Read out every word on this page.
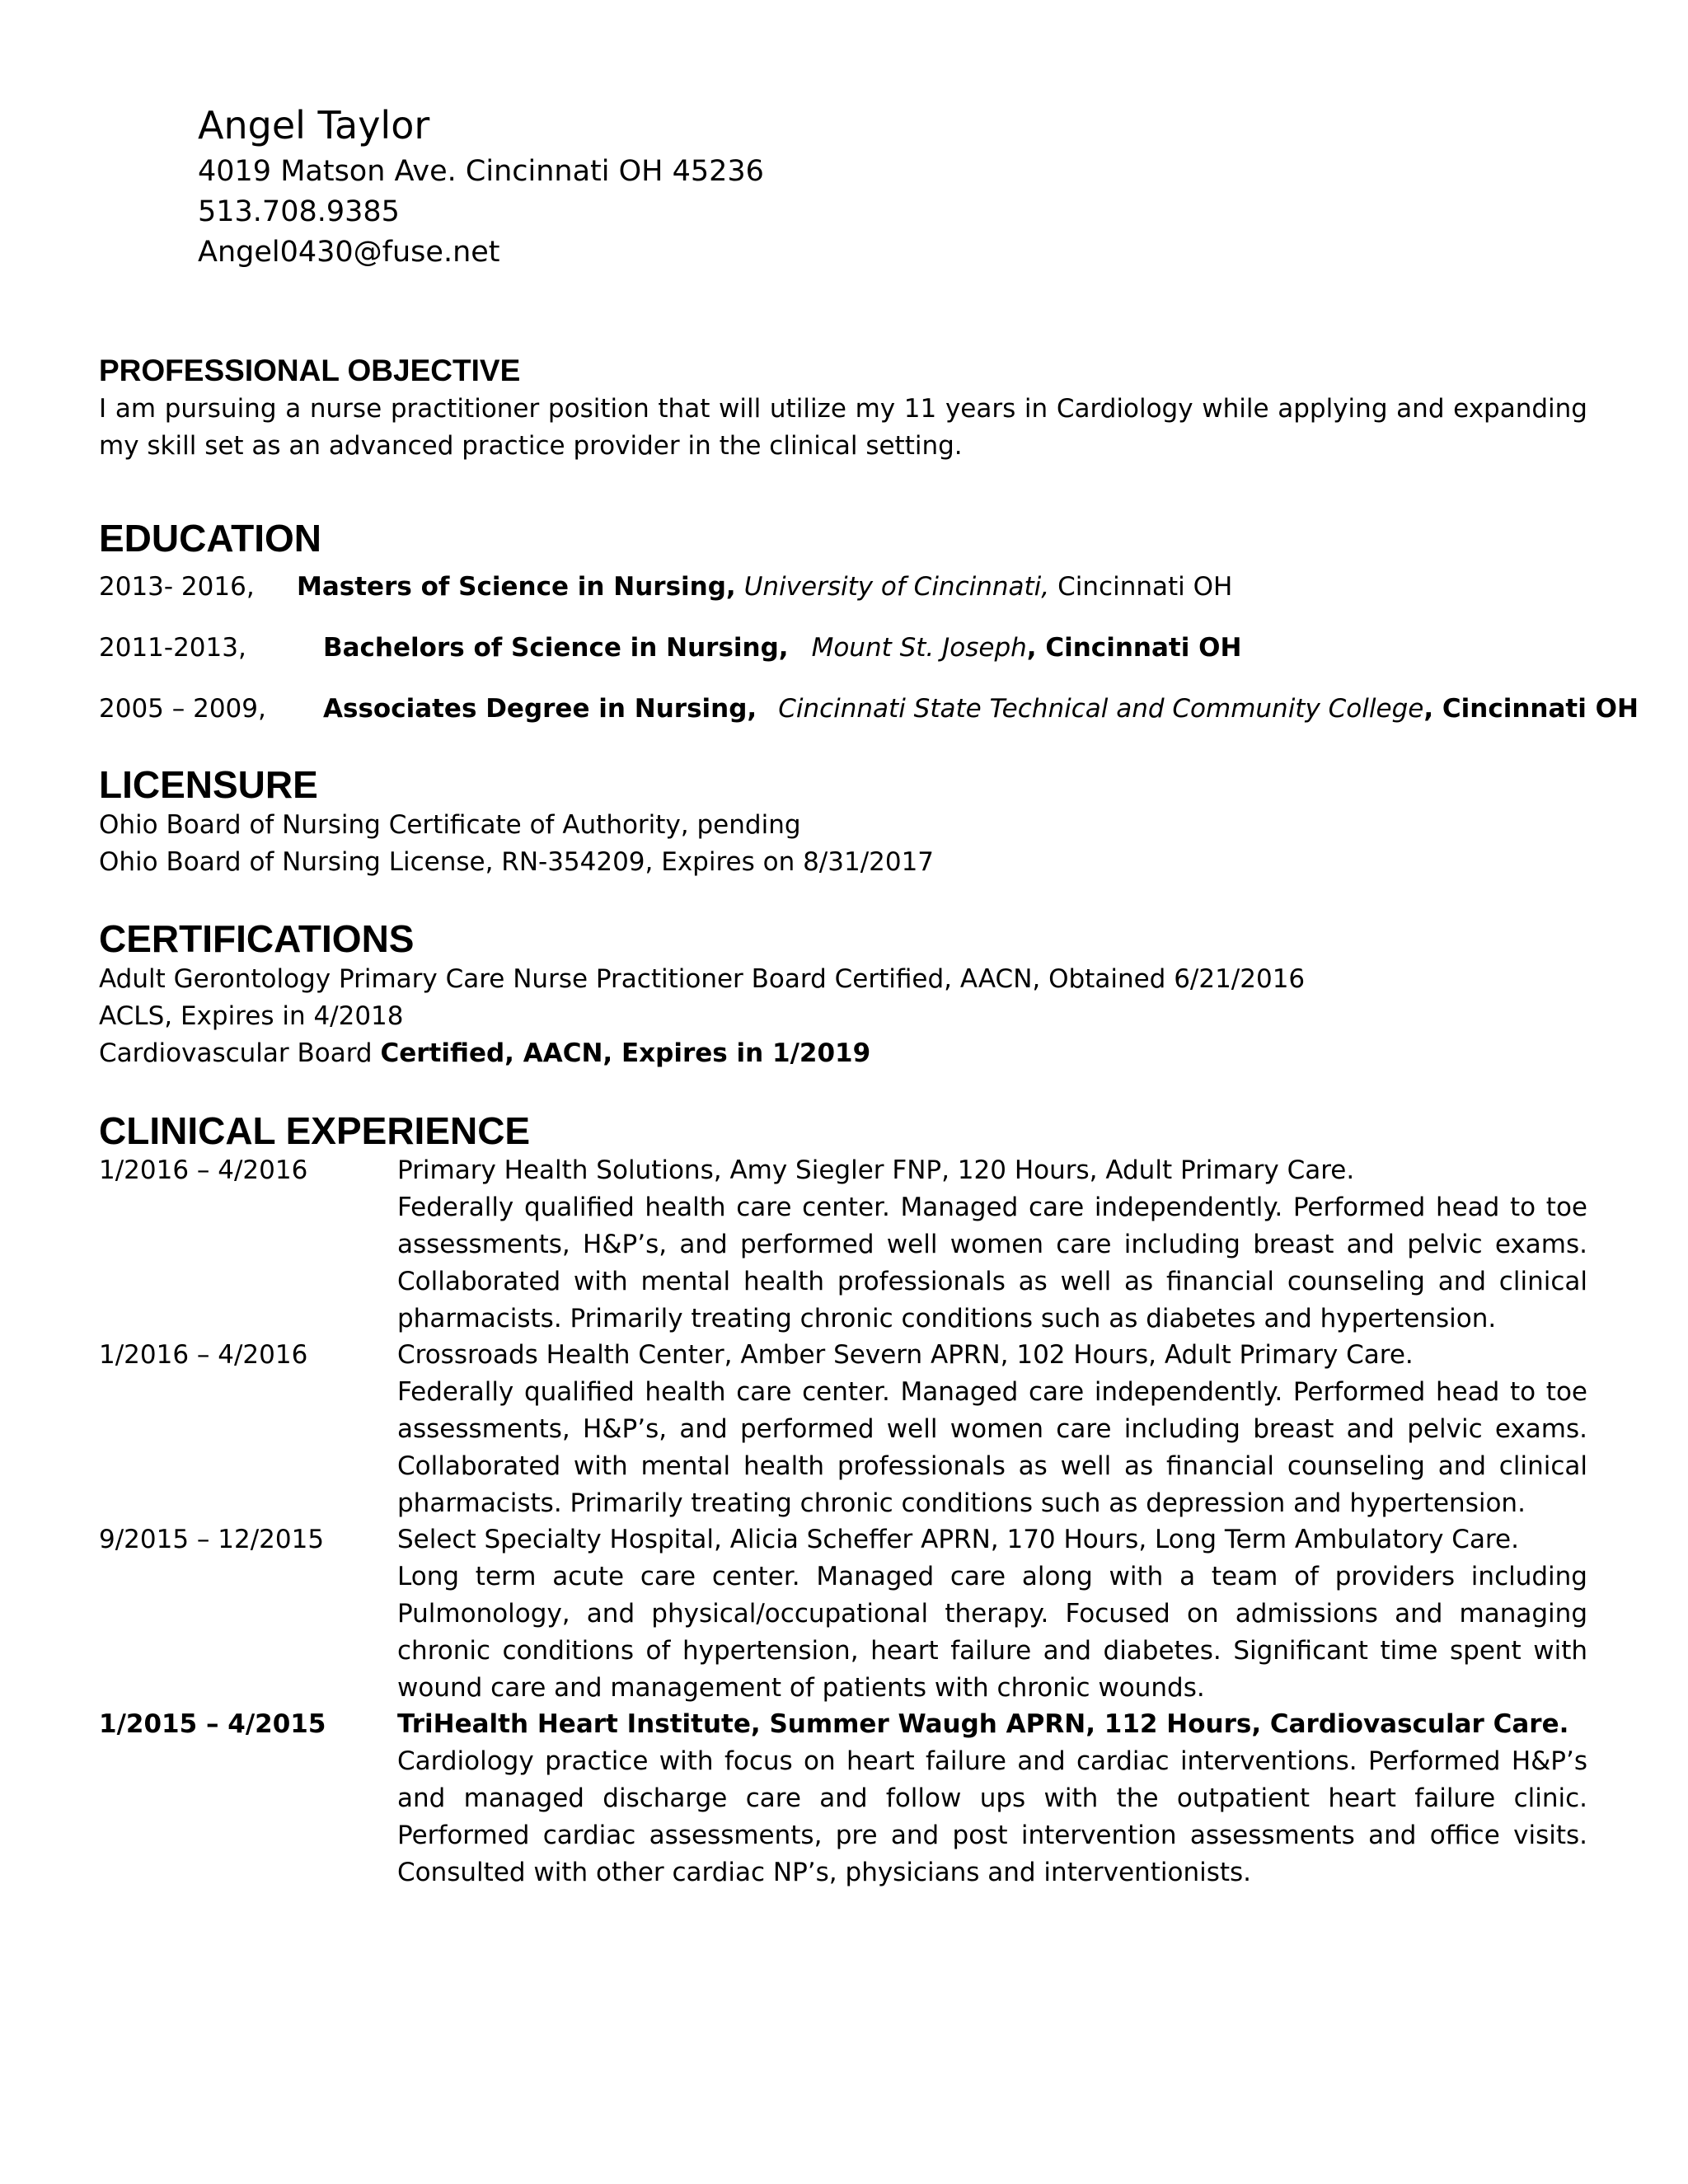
Angel Taylor
4019 Matson Ave. Cincinnati OH 45236
513.708.9385
Angel0430@fuse.net
PROFESSIONAL OBJECTIVE
I am pursuing a nurse practitioner position that will utilize my 11 years in Cardiology while applying and expanding my skill set as an advanced practice provider in the clinical setting.
EDUCATION
2013- 2016, Masters of Science in Nursing, University of Cincinnati, Cincinnati OH
2011-2013,	Bachelors of Science in Nursing, Mount St. Joseph, Cincinnati OH
2005 – 2009, Associates Degree in Nursing, Cincinnati State Technical and Community College, Cincinnati OH
LICENSURE
Ohio Board of Nursing Certificate of Authority, pending
Ohio Board of Nursing License, RN-354209, Expires on 8/31/2017
CERTIFICATIONS
Adult Gerontology Primary Care Nurse Practitioner Board Certified, AACN, Obtained 6/21/2016
ACLS, Expires in 4/2018
Cardiovascular Board Certified, AACN, Expires in 1/2019
CLINICAL EXPERIENCE
1/2016 – 4/2016	Primary Health Solutions, Amy Siegler FNP, 120 Hours, Adult Primary Care.
Federally qualified health care center. Managed care independently. Performed head to toe assessments, H&P’s, and performed well women care including breast and pelvic exams. Collaborated with mental health professionals as well as financial counseling and clinical pharmacists. Primarily treating chronic conditions such as diabetes and hypertension.
1/2016 – 4/2016	Crossroads Health Center, Amber Severn APRN, 102 Hours, Adult Primary Care.
Federally qualified health care center. Managed care independently. Performed head to toe assessments, H&P’s, and performed well women care including breast and pelvic exams. Collaborated with mental health professionals as well as financial counseling and clinical pharmacists. Primarily treating chronic conditions such as depression and hypertension.
9/2015 – 12/2015	Select Specialty Hospital, Alicia Scheffer APRN, 170 Hours, Long Term Ambulatory Care.
Long term acute care center. Managed care along with a team of providers including Pulmonology, and physical/occupational therapy. Focused on admissions and managing chronic conditions of hypertension, heart failure and diabetes. Significant time spent with wound care and management of patients with chronic wounds.
1/2015 – 4/2015	TriHealth Heart Institute, Summer Waugh APRN, 112 Hours, Cardiovascular Care.
Cardiology practice with focus on heart failure and cardiac interventions. Performed H&P’s and managed discharge care and follow ups with the outpatient heart failure clinic. Performed cardiac assessments, pre and post intervention assessments and office visits. Consulted with other cardiac NP’s, physicians and interventionists.
